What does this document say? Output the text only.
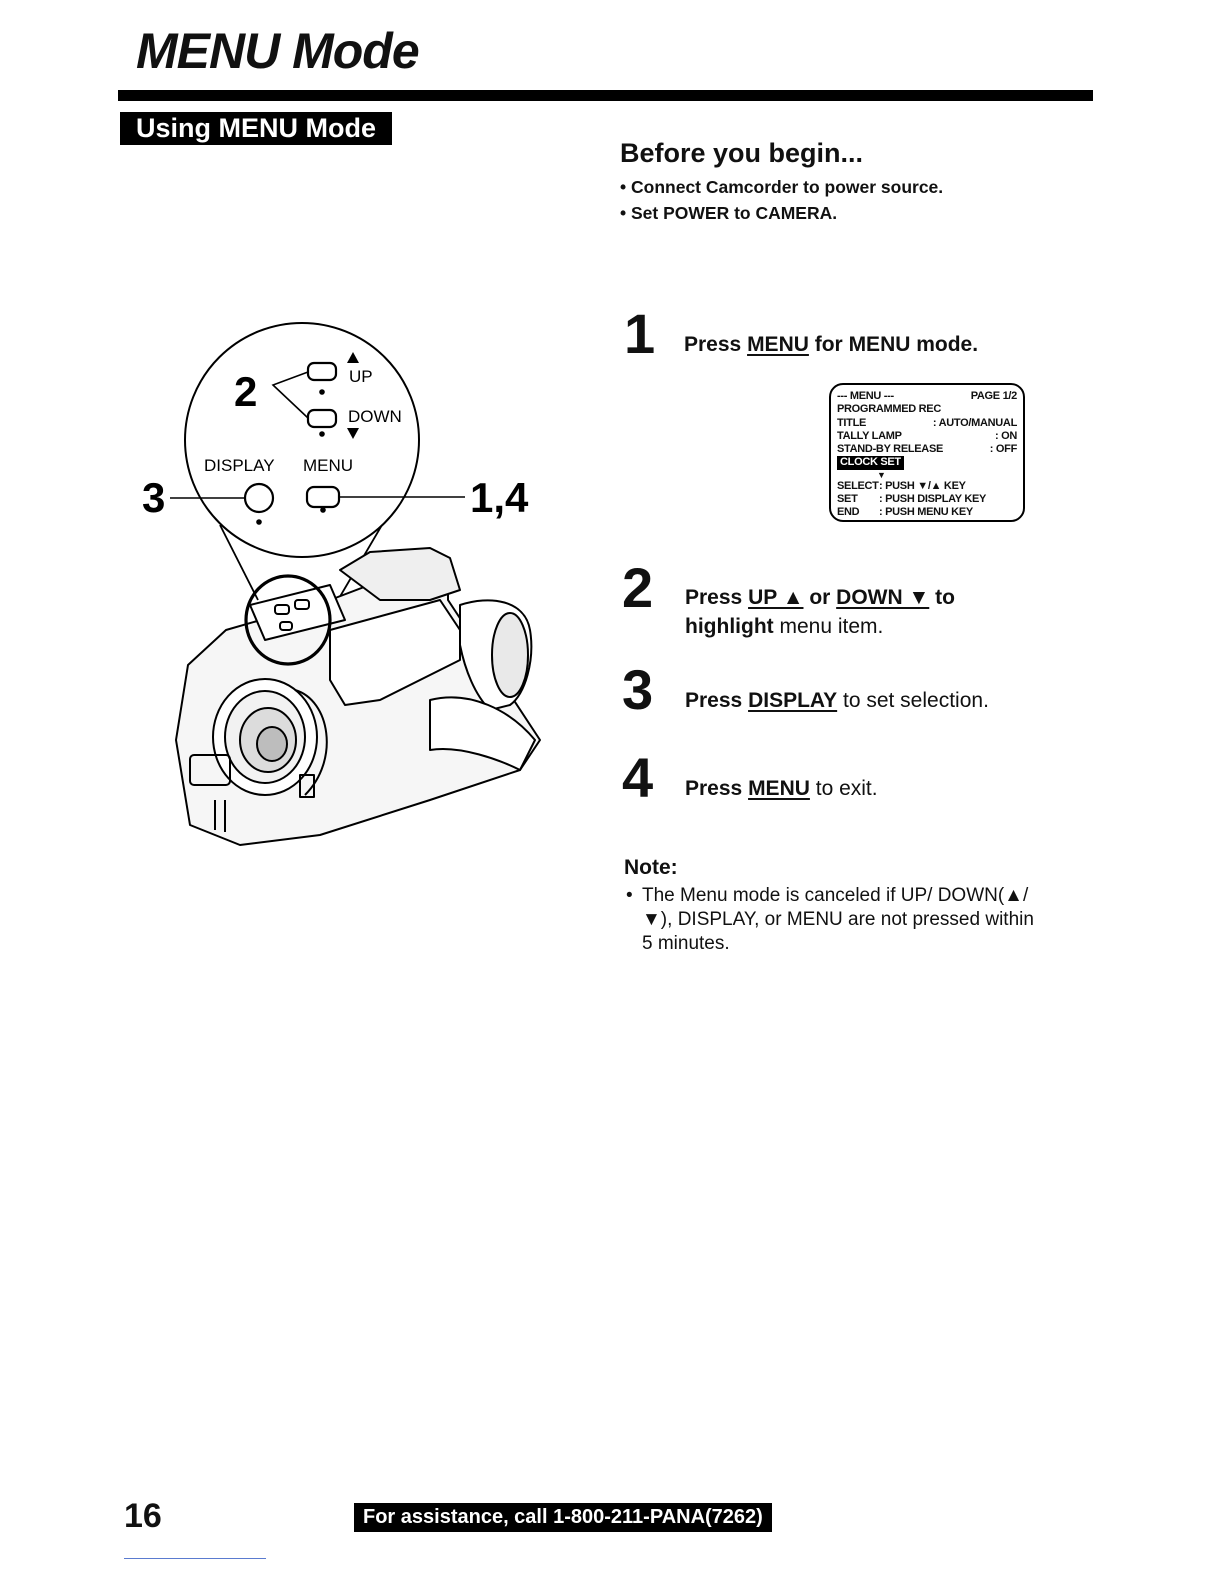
MENU Mode
Using MENU Mode
UP
DOWN
2
DISPLAY MENU
3	1,4
Before you begin...
• Connect Camcorder to power source.
• Set POWER to CAMERA.
1 Press MENU for MENU mode.
--- MENU ---	PAGE 1/2
PROGRAMMED REC
TITLE	: AUTO/MANUAL
TALLY LAMP	: ON
STAND-BY RELEASE	: OFF
CLOCK SET
▼
SELECT : PUSH ▼/▲ KEY
SET	: PUSH DISPLAY KEY
END	: PUSH MENU KEY
2 Press UP ▲ or DOWN ▼ to
highlight menu item.
3 Press DISPLAY to set selection.
4 Press MENU to exit.
Note:
• The Menu mode is canceled if UP/ DOWN(▲/▼), DISPLAY, or MENU are not pressed within 5 minutes.
16	For assistance, call 1-800-211-PANA(7262)
